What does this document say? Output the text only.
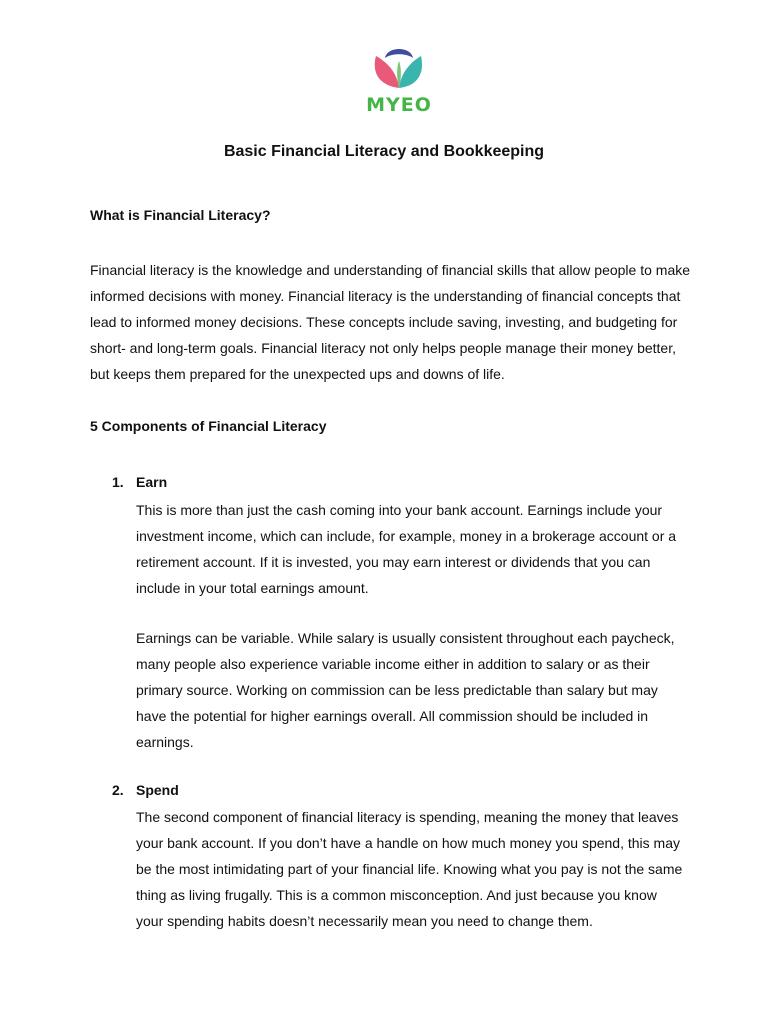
MYEO
Basic Financial Literacy and Bookkeeping
What is Financial Literacy?

Financial literacy is the knowledge and understanding of financial skills that allow people to make informed decisions with money. Financial literacy is the understanding of financial concepts that lead to informed money decisions. These concepts include saving, investing, and budgeting for short- and long-term goals. Financial literacy not only helps people manage their money better, but keeps them prepared for the unexpected ups and downs of life.

5 Components of Financial Literacy
1. Earn

This is more than just the cash coming into your bank account. Earnings include your investment income, which can include, for example, money in a brokerage account or a retirement account. If it is invested, you may earn interest or dividends that you can include in your total earnings amount.

Earnings can be variable. While salary is usually consistent throughout each paycheck, many people also experience variable income either in addition to salary or as their primary source. Working on commission can be less predictable than salary but may have the potential for higher earnings overall. All commission should be included in earnings.

2. Spend

The second component of financial literacy is spending, meaning the money that leaves your bank account. If you don’t have a handle on how much money you spend, this may be the most intimidating part of your financial life. Knowing what you pay is not the same thing as living frugally. This is a common misconception. And just because you know your spending habits doesn’t necessarily mean you need to change them.
